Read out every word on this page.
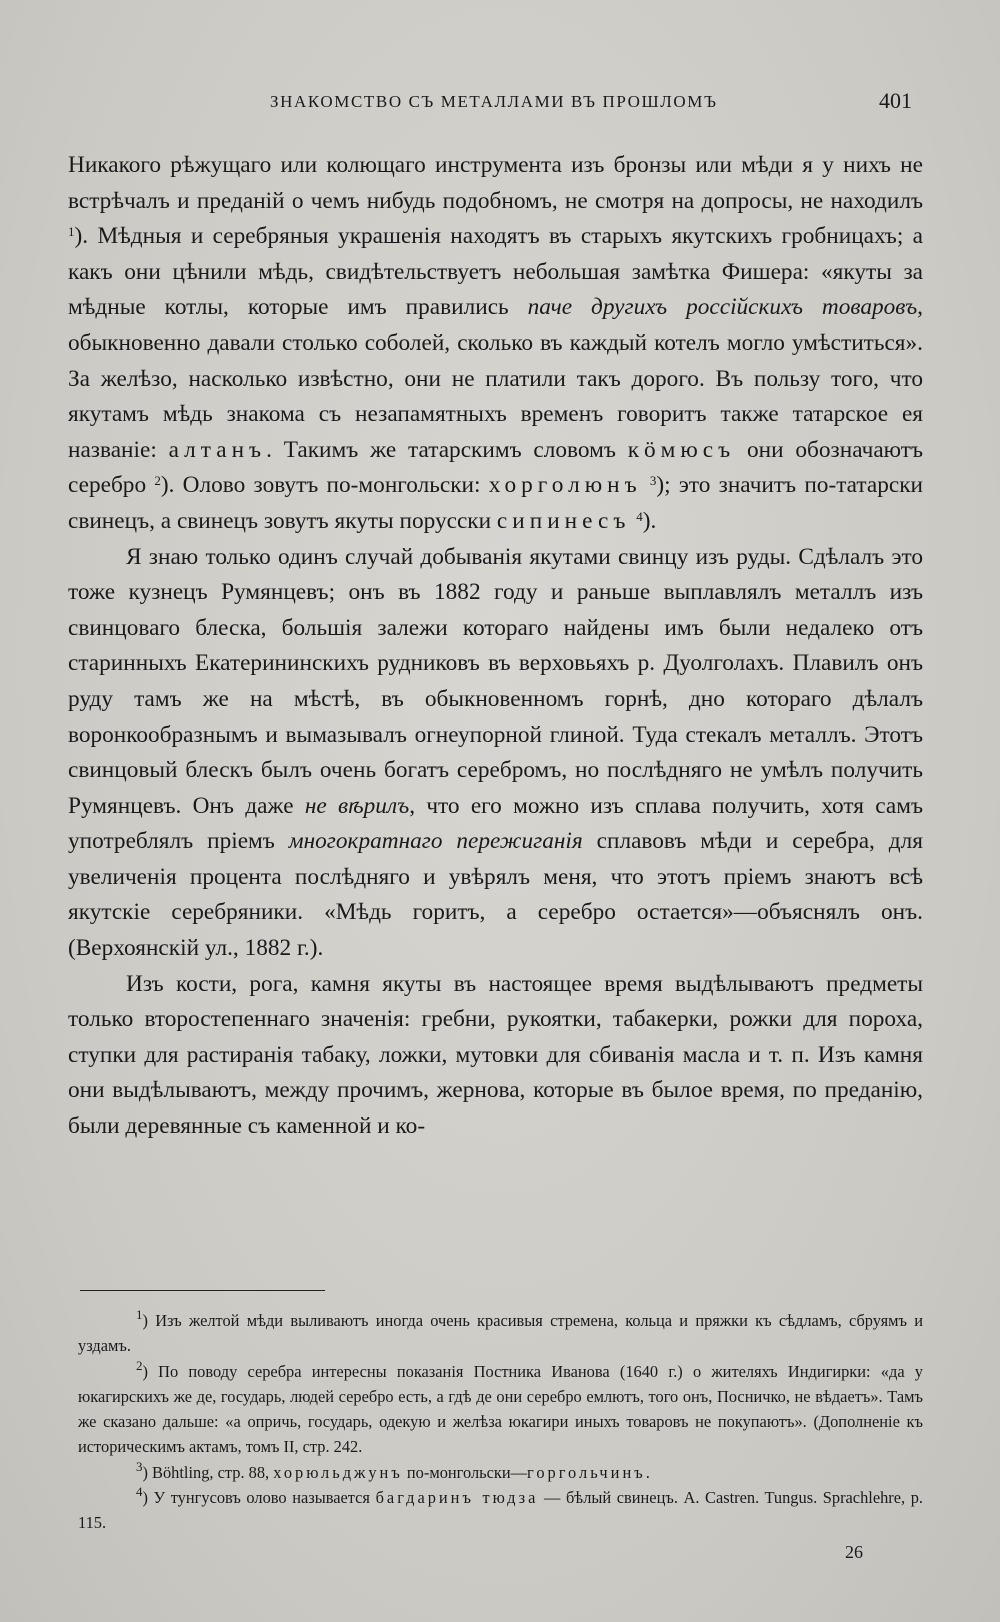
ЗНАКОМСТВО СЪ МЕТАЛЛАМИ ВЪ ПРОШЛОМЪ	401

Никакого рѣжущаго или колющаго инструмента изъ бронзы или мѣди я у нихъ не встрѣчалъ и преданій о чемъ нибудь подобномъ, не смотря на допросы, не находилъ $^1$). Мѣдныя и серебряныя украшенія находятъ въ старыхъ якутскихъ гробницахъ; а какъ они цѣнили мѣдь, свидѣтельствуетъ небольшая замѣтка Фишера: «якуты за мѣдные котлы, которые имъ правились паче другихъ россійскихъ товаровъ, обыкновенно давали столько соболей, сколько въ каждый котелъ могло умѣститься». За желѣзо, насколько извѣстно, они не платили такъ дорого. Въ пользу того, что якутамъ мѣдь знакома съ незапамятныхъ временъ говоритъ также татарское ея названіе: алтанъ. Такимъ же татарскимъ словомъ кӧмюсъ они обозначаютъ серебро $^2$). Олово зовутъ по-монгольски: хорголюнъ $^3$); это значитъ по-татарски свинецъ, а свинецъ зовутъ якуты порусски сипинесъ $^4$).

Я знаю только одинъ случай добыванія якутами свинцу изъ руды. Сдѣлалъ это тоже кузнецъ Румянцевъ; онъ въ 1882 году и раньше выплавлялъ металлъ изъ свинцоваго блеска, большія залежи котораго найдены имъ были недалеко отъ старинныхъ Екатерининскихъ рудниковъ въ верховьяхъ р. Дуолголахъ. Плавилъ онъ руду тамъ же на мѣстѣ, въ обыкновенномъ горнѣ, дно котораго дѣлалъ воронкообразнымъ и вымазывалъ огнеупорной глиной. Туда стекалъ металлъ. Этотъ свинцовый блескъ былъ очень богатъ серебромъ, но послѣдняго не умѣлъ получить Румянцевъ. Онъ даже не вѣрилъ, что его можно изъ сплава получить, хотя самъ употреблялъ пріемъ многократнаго пережиганія сплавовъ мѣди и серебра, для увеличенія процента послѣдняго и увѣрялъ меня, что этотъ пріемъ знаютъ всѣ якутскіе серебряники. «Мѣдь горитъ, а серебро остается»—объяснялъ онъ. (Верхоянскій ул., 1882 г.).

Изъ кости, рога, камня якуты въ настоящее время выдѣлываютъ предметы только второстепеннаго значенія: гребни, рукоятки, табакерки, рожки для пороха, ступки для растиранія табаку, ложки, мутовки для сбиванія масла и т. п. Изъ камня они выдѣлываютъ, между прочимъ, жернова, которые въ былое время, по преданію, были деревянные съ каменной и ко-

$^1$) Изъ желтой мѣди выливаютъ иногда очень красивыя стремена, кольца и пряжки къ сѣдламъ, сбруямъ и уздамъ.

$^2$) По поводу серебра интересны показанія Постника Иванова (1640 г.) о жителяхъ Индигирки: «да у юкагирскихъ же де, государь, людей серебро есть, а гдѣ де они серебро емлютъ, того онъ, Посничко, не вѣдаетъ». Тамъ же сказано дальше: «а опричь, государь, одекую и желѣза юкагири иныхъ товаровъ не покупаютъ». (Дополненіе къ историческимъ актамъ, томъ II, стр. 242.

$^3$) Böhtling, стр. 88, хорюльджунъ по-монгольски—горгольчинъ.

$^4$) У тунгусовъ олово называется багдаринъ тюдза — бѣлый свинецъ. А. Castren. Tungus. Sprachlehre, p. 115.

26
